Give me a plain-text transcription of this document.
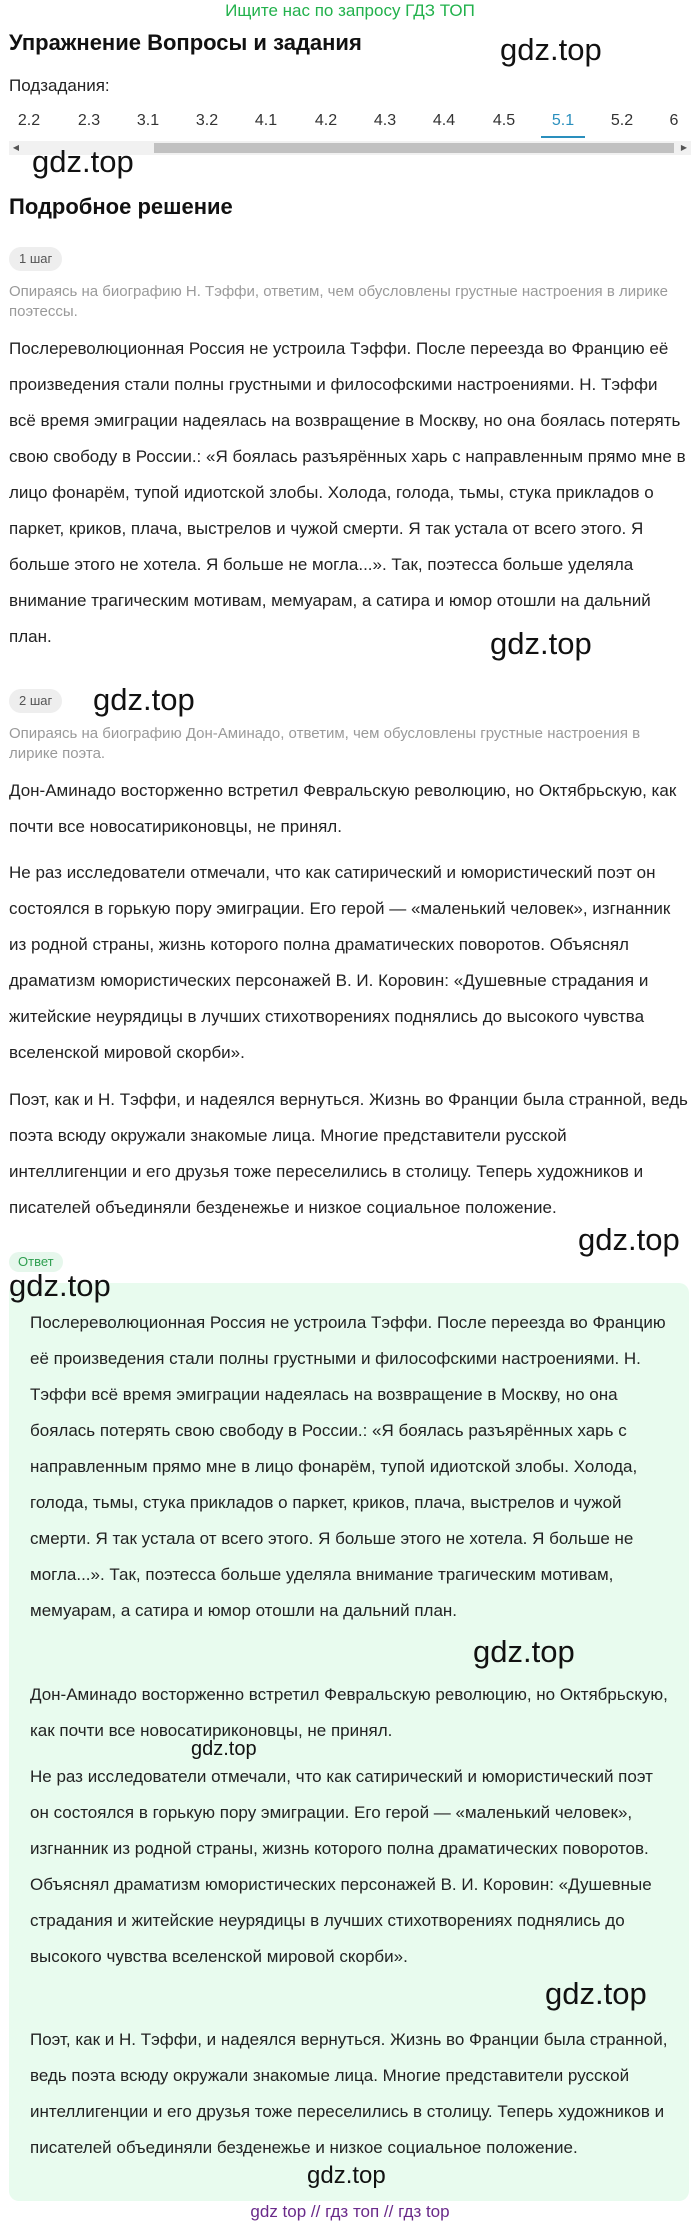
Ищите нас по запросу ГДЗ ТОП
Упражнение Вопросы и задания	gdz.top
Подзадания:
2.2	2.3	3.1	3.2	4.1	4.2	4.3	4.4	4.5	5.1	5.2	6
◀	▶
gdz.top
Подробное решение
1 шаг
Опираясь на биографию Н. Тэффи, ответим, чем обусловлены грустные настроения в лирике поэтессы.

Послереволюционная Россия не устроила Тэффи. После переезда во Францию её произведения стали полны грустными и философскими настроениями. Н. Тэффи всё время эмиграции надеялась на возвращение в Москву, но она боялась потерять свою свободу в России.: «Я боялась разъярённых харь с направленным прямо мне в лицо фонарём, тупой идиотской злобы. Холода, голода, тьмы, стука прикладов о паркет, криков, плача, выстрелов и чужой смерти. Я так устала от всего этого. Я больше этого не хотела. Я больше не могла...». Так, поэтесса больше уделяла внимание трагическим мотивам, мемуарам, а сатира и юмор отошли на дальний план.	gdz.top
2 шаг	gdz.top
Опираясь на биографию Дон-Аминадо, ответим, чем обусловлены грустные настроения в лирике поэта.

Дон-Аминадо восторженно встретил Февральскую революцию, но Октябрьскую, как почти все новосатириконовцы, не принял.

Не раз исследователи отмечали, что как сатирический и юмористический поэт он состоялся в горькую пору эмиграции. Его герой — «маленький человек», изгнанник из родной страны, жизнь которого полна драматических поворотов. Объяснял драматизм юмористических персонажей В. И. Коровин: «Душевные страдания и житейские неурядицы в лучших стихотворениях поднялись до высокого чувства вселенской мировой скорби».

Поэт, как и Н. Тэффи, и надеялся вернуться. Жизнь во Франции была странной, ведь поэта всюду окружали знакомые лица. Многие представители русской интеллигенции и его друзья тоже переселились в столицу. Теперь художников и писателей объединяли безденежье и низкое социальное положение.

gdz.top
Ответ
gdz.top

Послереволюционная Россия не устроила Тэффи. После переезда во Францию её произведения стали полны грустными и философскими настроениями. Н. Тэффи всё время эмиграции надеялась на возвращение в Москву, но она боялась потерять свою свободу в России.: «Я боялась разъярённых харь с направленным прямо мне в лицо фонарём, тупой идиотской злобы. Холода, голода, тьмы, стука прикладов о паркет, криков, плача, выстрелов и чужой смерти. Я так устала от всего этого. Я больше этого не хотела. Я больше не могла...». Так, поэтесса больше уделяла внимание трагическим мотивам, мемуарам, а сатира и юмор отошли на дальний план.

gdz.top

Дон-Аминадо восторженно встретил Февральскую революцию, но Октябрьскую, как почти все новосатириконовцы, не принял.

gdz.top

Не раз исследователи отмечали, что как сатирический и юмористический поэт он состоялся в горькую пору эмиграции. Его герой — «маленький человек», изгнанник из родной страны, жизнь которого полна драматических поворотов. Объяснял драматизм юмористических персонажей В. И. Коровин: «Душевные страдания и житейские неурядицы в лучших стихотворениях поднялись до высокого чувства вселенской мировой скорби».

gdz.top

Поэт, как и Н. Тэффи, и надеялся вернуться. Жизнь во Франции была странной, ведь поэта всюду окружали знакомые лица. Многие представители русской интеллигенции и его друзья тоже переселились в столицу. Теперь художников и писателей объединяли безденежье и низкое социальное положение.

gdz.top
gdz top // гдз топ // гдз top
